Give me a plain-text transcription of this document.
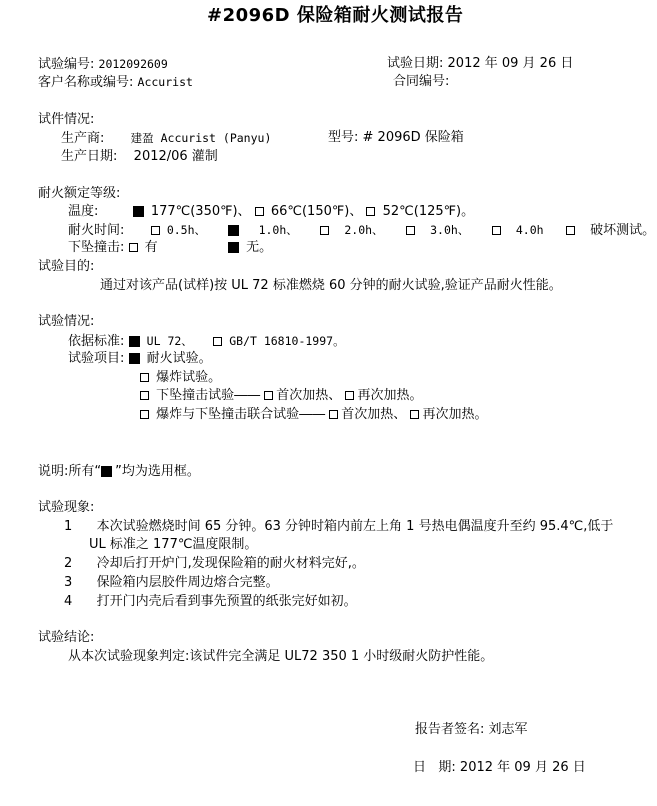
#2096D 保险箱耐火测试报告
试验编号: 2012092609	试验日期: 2012 年 09 月 26 日
客户名称或编号: Accurist	合同编号:
试件情况:
生产商: 建盈 Accurist (Panyu)	型号: # 2096D 保险箱
生产日期: 2012/06 灌制
耐火额定等级:
温度:	177℃(350℉)、 66℃(150℉)、 52℃(125℉)。
耐火时间:	0.5h、	1.0h、	2.0h、	3.0h、	4.0h	破坏测试。
下坠撞击: 有	无。
试验目的:
通过对该产品(试样)按 UL 72 标准燃烧 60 分钟的耐火试验,验证产品耐火性能。
试验情况:
依据标准: UL 72、	GB/T 16810-1997。
试验项目: 耐火试验。
爆炸试验。
下坠撞击试验―― 首次加热、 再次加热。
爆炸与下坠撞击联合试验―― 首次加热、 再次加热。
说明:所有“ ”均为选用框。
试验现象:
1 本次试验燃烧时间 65 分钟。63 分钟时箱内前左上角 1 号热电偶温度升至约 95.4℃,低于
UL 标准之 177℃温度限制。
2 冷却后打开炉门,发现保险箱的耐火材料完好,。
3 保险箱内层胶件周边熔合完整。
4 打开门内壳后看到事先预置的纸张完好如初。
试验结论:
从本次试验现象判定:该试件完全满足 UL72 350 1 小时级耐火防护性能。
报告者签名: 刘志军
日   期: 2012 年 09 月 26 日
